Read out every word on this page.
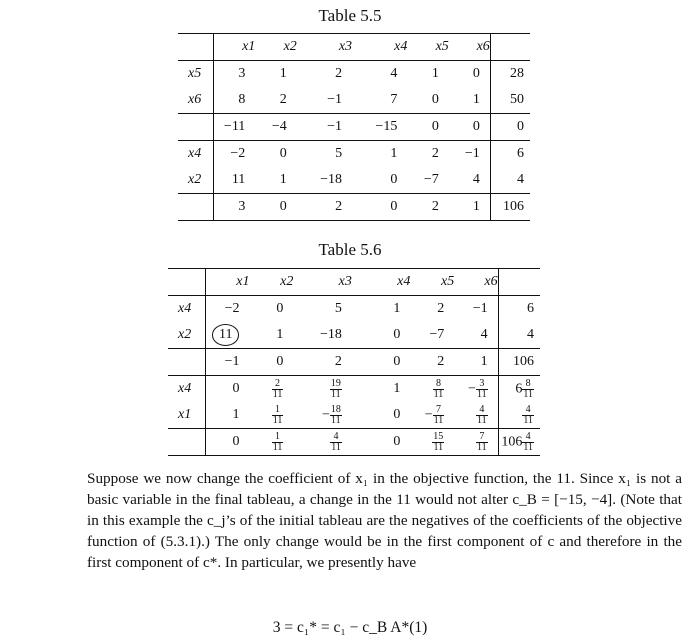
Table 5.5
	x1	x2	x3	x4	x5	x6	
x5	3	1	2	4	1	0	28
x6	8	2	−1	7	0	1	50
	−11	−4	−1	−15	0	0	0
x4	−2	0	5	1	2	−1	6
x2	11	1	−18	0	−7	4	4
	3	0	2	0	2	1	106
Table 5.6
	x1	x2	x3	x4	x5	x6	
x4	−2	0	5	1	2	−1	6
x2	11	1	−18	0	−7	4	4
	−1	0	2	0	2	1	106
x4	0	$\frac{2}{11}$	$\frac{19}{11}$	1	$\frac{8}{11}$	− $\frac{3}{11}$	$6 \frac{8}{11}$

x1	1	$\frac{1}{11}$	− $\frac{18}{11}$	0	− $\frac{7}{11}$	$\frac{4}{11}$	$\frac{4}{11}$

	0	$\frac{1}{11}$	$\frac{4}{11}$	0	$\frac{15}{11}$	$\frac{7}{11}$	$106 \frac{4}{11}$
Suppose we now change the coefficient of x₁ in the objective function, the 11. Since x₁ is not a basic variable in the final tableau, a change in the 11 would not alter c_B = [−15, −4]. (Note that in this example the c_j’s of the initial tableau are the negatives of the coefficients of the objective function of (5.3.1).) The only change would be in the first component of c and therefore in the first component of c*. In particular, we presently have
3 = c₁* = c₁ − c_B A*(1)
